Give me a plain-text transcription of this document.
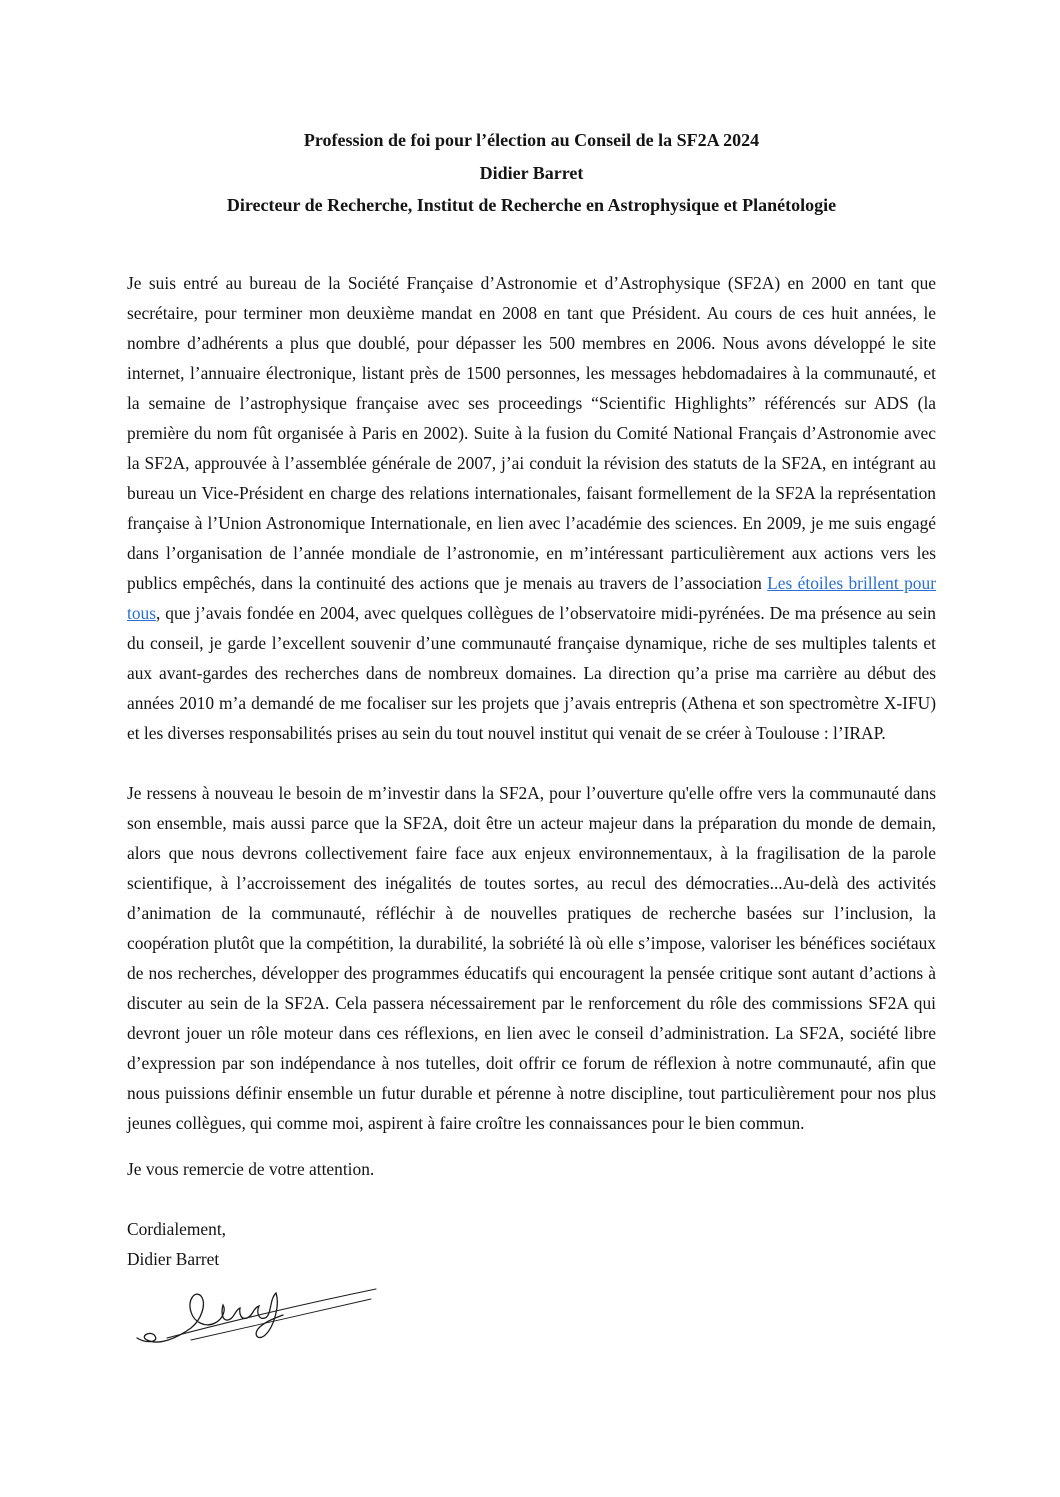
Profession de foi pour l’élection au Conseil de la SF2A 2024
Didier Barret
Directeur de Recherche, Institut de Recherche en Astrophysique et Planétologie

Je suis entré au bureau de la Société Française d’Astronomie et d’Astrophysique (SF2A) en 2000 en tant que secrétaire, pour terminer mon deuxième mandat en 2008 en tant que Président. Au cours de ces huit années, le nombre d’adhérents a plus que doublé, pour dépasser les 500 membres en 2006. Nous avons développé le site internet, l’annuaire électronique, listant près de 1500 personnes, les messages hebdomadaires à la communauté, et la semaine de l’astrophysique française avec ses proceedings “Scientific Highlights” référencés sur ADS (la première du nom fût organisée à Paris en 2002). Suite à la fusion du Comité National Français d’Astronomie avec la SF2A, approuvée à l’assemblée générale de 2007, j’ai conduit la révision des statuts de la SF2A, en intégrant au bureau un Vice-Président en charge des relations internationales, faisant formellement de la SF2A la représentation française à l’Union Astronomique Internationale, en lien avec l’académie des sciences. En 2009, je me suis engagé dans l’organisation de l’année mondiale de l’astronomie, en m’intéressant particulièrement aux actions vers les publics empêchés, dans la continuité des actions que je menais au travers de l’association Les étoiles brillent pour tous, que j’avais fondée en 2004, avec quelques collègues de l’observatoire midi-pyrénées. De ma présence au sein du conseil, je garde l’excellent souvenir d’une communauté française dynamique, riche de ses multiples talents et aux avant-gardes des recherches dans de nombreux domaines. La direction qu’a prise ma carrière au début des années 2010 m’a demandé de me focaliser sur les projets que j’avais entrepris (Athena et son spectromètre X-IFU) et les diverses responsabilités prises au sein du tout nouvel institut qui venait de se créer à Toulouse : l’IRAP.

Je ressens à nouveau le besoin de m’investir dans la SF2A, pour l’ouverture qu'elle offre vers la communauté dans son ensemble, mais aussi parce que la SF2A, doit être un acteur majeur dans la préparation du monde de demain, alors que nous devrons collectivement faire face aux enjeux environnementaux, à la fragilisation de la parole scientifique, à l’accroissement des inégalités de toutes sortes, au recul des démocraties...Au-delà des activités d’animation de la communauté, réfléchir à de nouvelles pratiques de recherche basées sur l’inclusion, la coopération plutôt que la compétition, la durabilité, la sobriété là où elle s’impose, valoriser les bénéfices sociétaux de nos recherches, développer des programmes éducatifs qui encouragent la pensée critique sont autant d’actions à discuter au sein de la SF2A. Cela passera nécessairement par le renforcement du rôle des commissions SF2A qui devront jouer un rôle moteur dans ces réflexions, en lien avec le conseil d’administration. La SF2A, société libre d’expression par son indépendance à nos tutelles, doit offrir ce forum de réflexion à notre communauté, afin que nous puissions définir ensemble un futur durable et pérenne à notre discipline, tout particulièrement pour nos plus jeunes collègues, qui comme moi, aspirent à faire croître les connaissances pour le bien commun.

Je vous remercie de votre attention.

Cordialement,
Didier Barret
